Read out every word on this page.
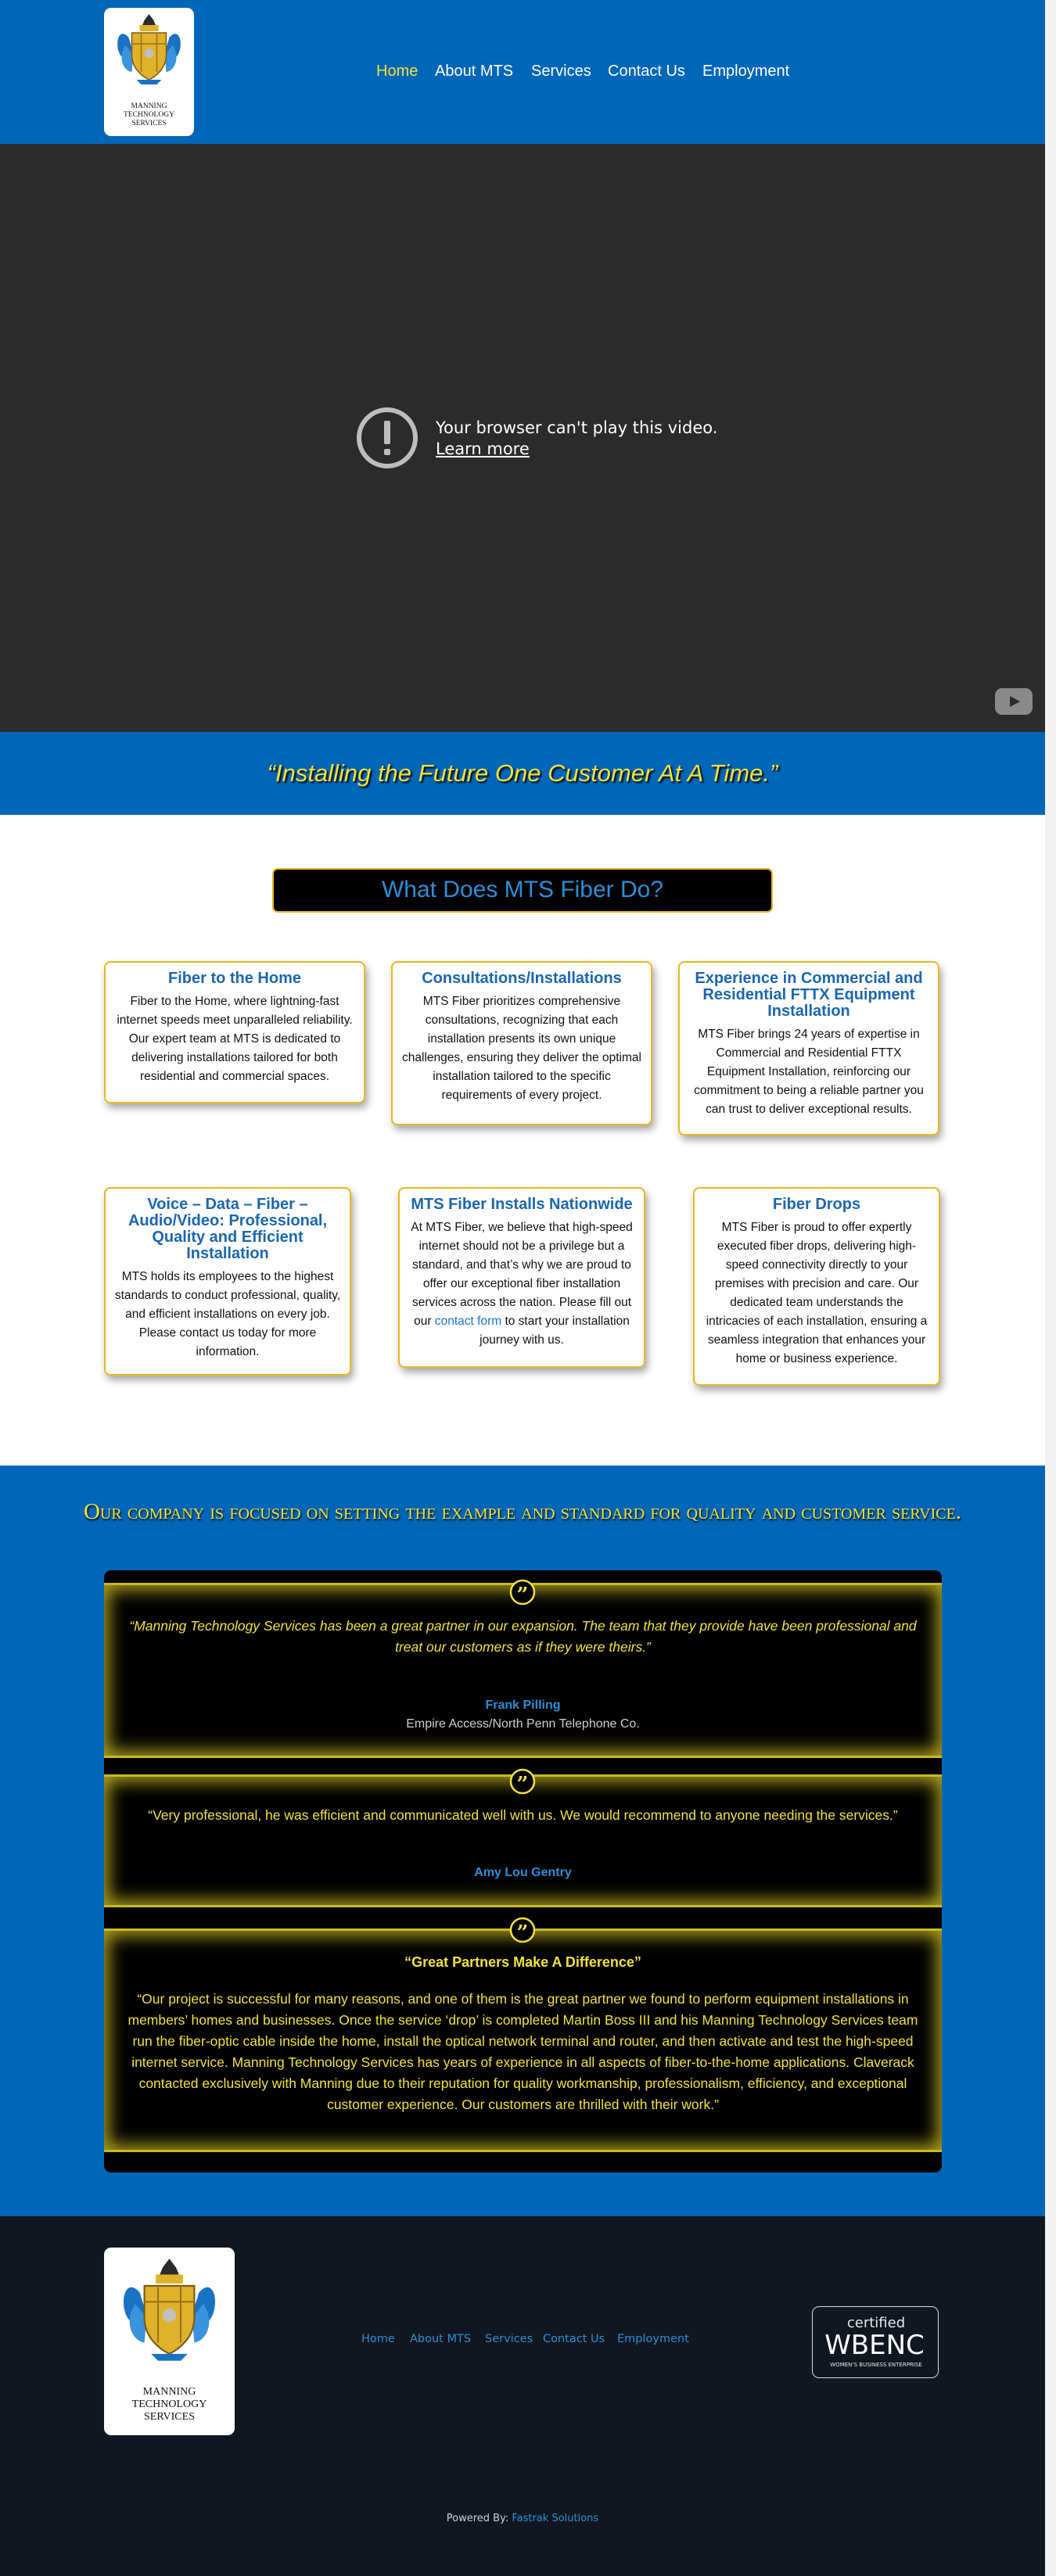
MANNING
TECHNOLOGY
SERVICES
Home About MTS Services Contact Us Employment
Your browser can't play this video.
Learn more
“Installing the Future One Customer At A Time.”
What Does MTS Fiber Do?
Fiber to the Home
Fiber to the Home, where lightning-fast internet speeds meet unparalleled reliability. Our expert team at MTS is dedicated to delivering installations tailored for both residential and commercial spaces.
Consultations/Installations
MTS Fiber prioritizes comprehensive consultations, recognizing that each installation presents its own unique challenges, ensuring they deliver the optimal installation tailored to the specific requirements of every project.
Experience in Commercial and Residential FTTX Equipment Installation
MTS Fiber brings 24 years of expertise in Commercial and Residential FTTX Equipment Installation, reinforcing our commitment to being a reliable partner you can trust to deliver exceptional results.
Voice – Data – Fiber – Audio/Video: Professional, Quality and Efficient Installation
MTS holds its employees to the highest standards to conduct professional, quality, and efficient installations on every job. Please contact us today for more information.
MTS Fiber Installs Nationwide
At MTS Fiber, we believe that high-speed internet should not be a privilege but a standard, and that’s why we are proud to offer our exceptional fiber installation services across the nation. Please fill out our contact form to start your installation journey with us.
Fiber Drops
MTS Fiber is proud to offer expertly executed fiber drops, delivering high-speed connectivity directly to your premises with precision and care. Our dedicated team understands the intricacies of each installation, ensuring a seamless integration that enhances your home or business experience.
Our company is focused on setting the example and standard for quality and customer service.
”
“Manning Technology Services has been a great partner in our expansion. The team that they provide have been professional and treat our customers as if they were theirs.”
Frank Pilling
Empire Access/North Penn Telephone Co.
”
“Very professional, he was efficient and communicated well with us. We would recommend to anyone needing the services.”
Amy Lou Gentry
”
“Great Partners Make A Difference”
“Our project is successful for many reasons, and one of them is the great partner we found to perform equipment installations in members’ homes and businesses. Once the service ‘drop’ is completed Martin Boss III and his Manning Technology Services team run the fiber-optic cable inside the home, install the optical network terminal and router, and then activate and test the high-speed internet service. Manning Technology Services has years of experience in all aspects of fiber-to-the-home applications. Claverack contacted exclusively with Manning due to their reputation for quality workmanship, professionalism, efficiency, and exceptional customer experience. Our customers are thrilled with their work.”
MANNING
TECHNOLOGY
SERVICES
Home About MTS Services Contact Us Employment
certified
WBENC
WOMEN’S BUSINESS ENTERPRISE
Powered By: Fastrak Solutions
